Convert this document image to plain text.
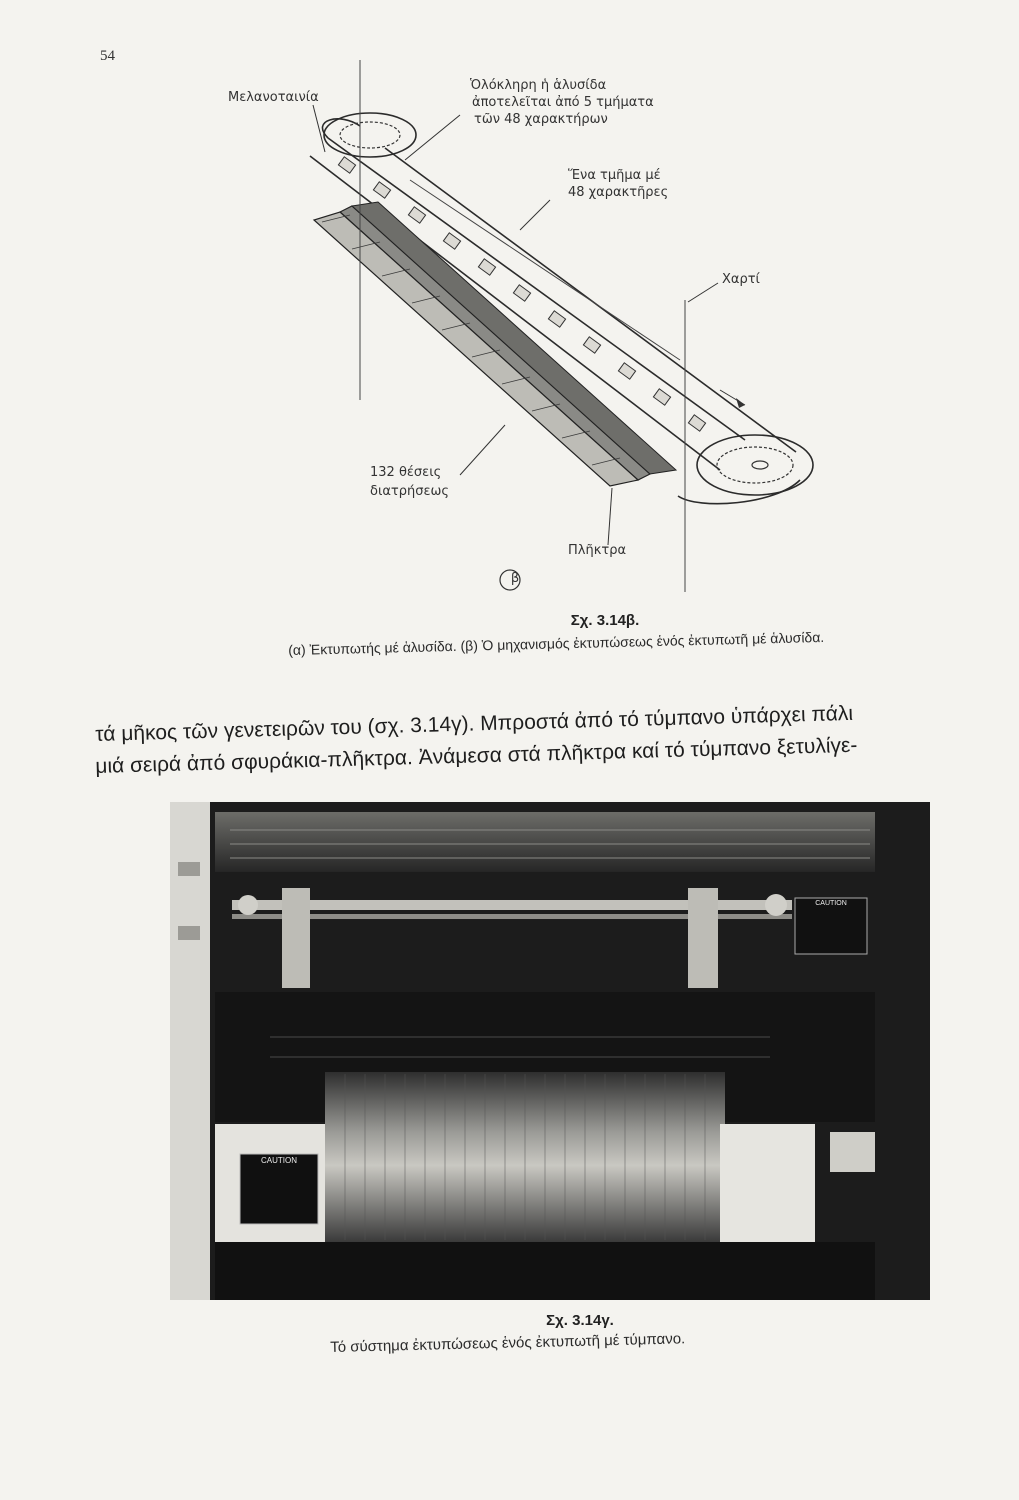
54
Μελανοταινία
Ὁλόκληρη ἡ ἁλυσίδα
ἀποτελεῖται ἀπό 5 τμήματα
τῶν 48 χαρακτήρων
Ἕνα τμῆμα μέ
48 χαρακτῆρες
Χαρτί
132 θέσεις
διατρήσεως
Πλῆκτρα
β
Σχ. 3.14β.
(α) Ἐκτυπωτής μέ ἁλυσίδα. (β) Ὁ μηχανισμός ἐκτυπώσεως ἑνός ἐκτυπωτῆ μέ ἁλυσίδα.
τά μῆκος τῶν γενετειρῶν του (σχ. 3.14γ). Μπροστά ἀπό τό τύμπανο ὑπάρχει πάλι
μιά σειρά ἀπό σφυράκια-πλῆκτρα. Ἀνάμεσα στά πλῆκτρα καί τό τύμπανο ξετυλίγε-
CAUTION
CAUTION
Σχ. 3.14γ.
Τό σύστημα ἐκτυπώσεως ἑνός ἐκτυπωτῆ μέ τύμπανο.
